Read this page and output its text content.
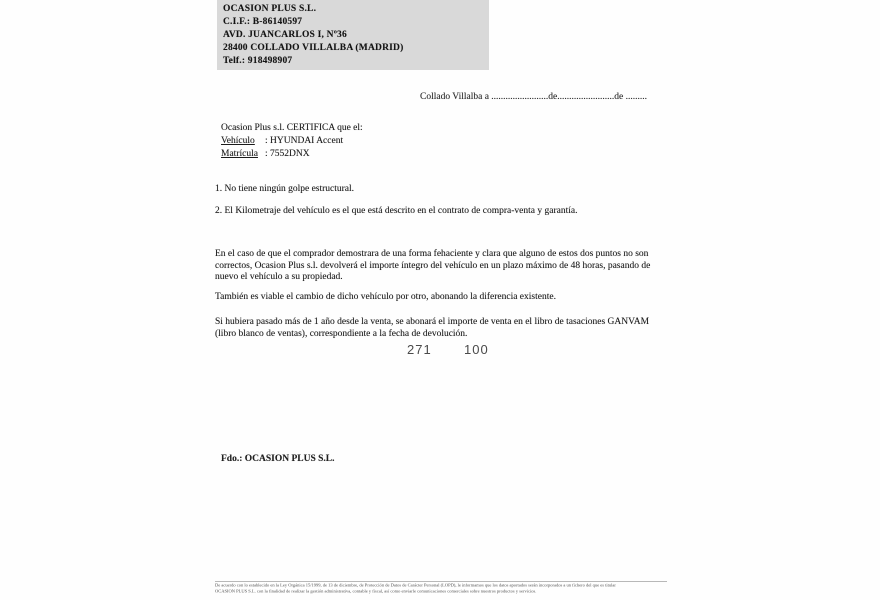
OCASION PLUS S.L.
C.I.F.: B-86140597
AVD. JUANCARLOS I, Nº36
28400 COLLADO VILLALBA (MADRID)
Telf.: 918498907
Collado Villalba a ........................de........................de .........
Ocasion Plus s.l. CERTIFICA que el:
Vehículo : HYUNDAI Accent
Matrícula : 7552DNX
1. No tiene ningún golpe estructural.
2. El Kilometraje del vehículo es el que está descrito en el contrato de compra-venta y garantía.
En el caso de que el comprador demostrara de una forma fehaciente y clara que alguno de estos dos puntos no son correctos, Ocasion Plus s.l. devolverá el importe íntegro del vehículo en un plazo máximo de 48 horas, pasando de nuevo el vehículo a su propiedad.
También es viable el cambio de dicho vehículo por otro, abonando la diferencia existente.
Si hubiera pasado más de 1 año desde la venta, se abonará el importe de venta en el libro de tasaciones GANVAM (libro blanco de ventas), correspondiente a la fecha de devolución.
271 100
Fdo.: OCASION PLUS S.L.
De acuerdo con lo establecido en la Ley Orgánica 15/1999, de 13 de diciembre, de Protección de Datos de Carácter Personal (LOPD), le informamos que los datos aportados serán incorporados a un fichero del que es titular
OCASION PLUS S.L. con la finalidad de realizar la gestión administrativa, contable y fiscal, así como enviarle comunicaciones comerciales sobre nuestros productos y servicios.
